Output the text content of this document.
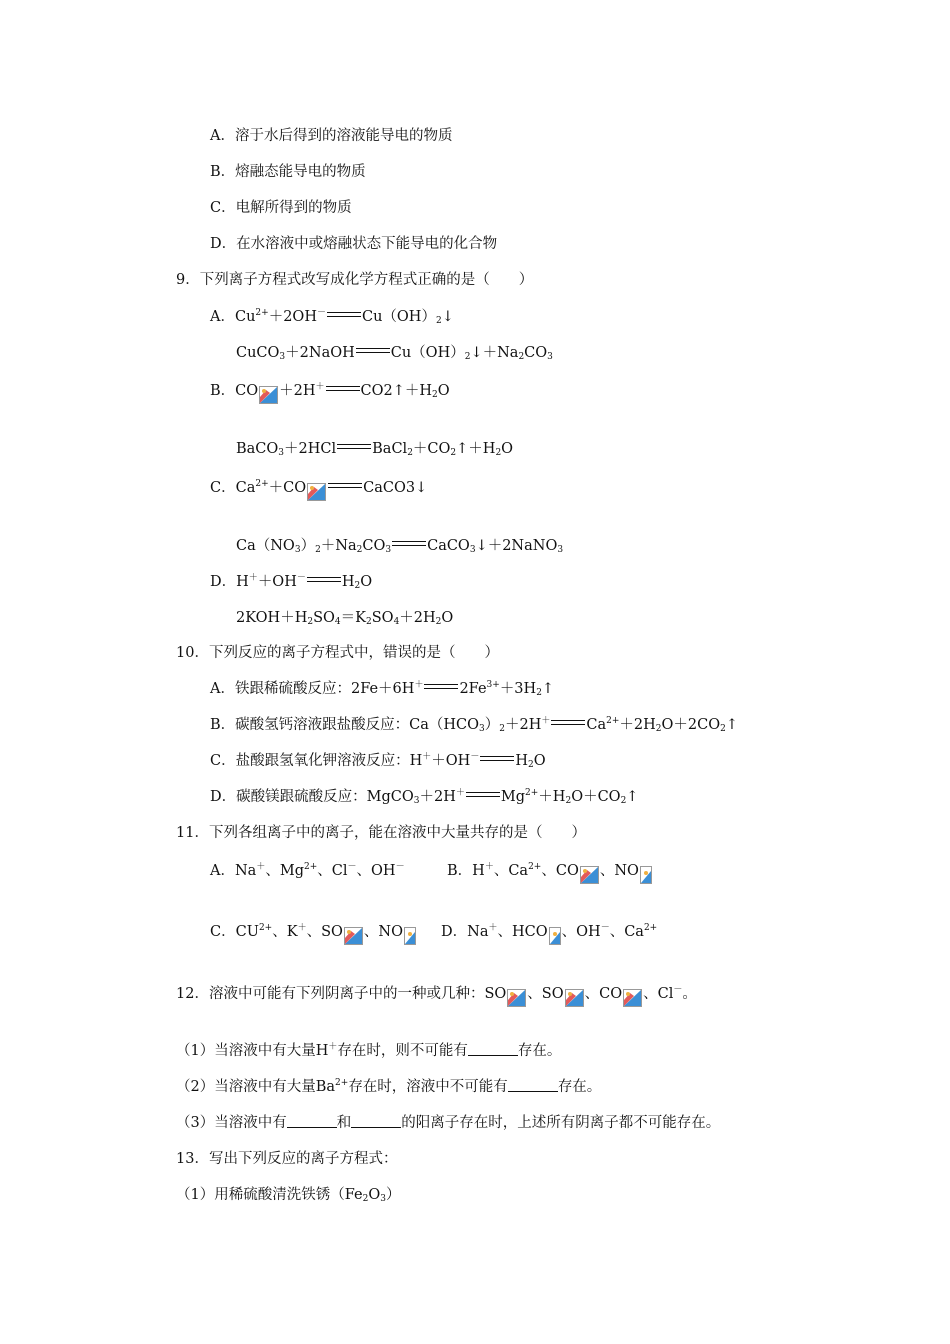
A．溶于水后得到的溶液能导电的物质
B．熔融态能导电的物质
C．电解所得到的物质
D．在水溶液中或熔融状态下能导电的化合物
9．下列离子方程式改写成化学方程式正确的是（　　）
A．$Cu^{2+}+2OH^-$ $Cu(OH)_2↓$
CuCO$_3$＋2NaOH $Cu(OH)_2↓+Na_2CO_3$
B．CO ＋2H＋ $CO2↑+H_2O$
BaCO$_3$＋2HCl $BaCl_2+CO_2↑+H_2O$
C．$Ca^{2+}+CO$	CaCO3↓
$Ca(NO_3)_2+Na_2CO_3$ CaCO$_3$↓＋2NaNO$_3$
D．H＋＋OH－ $H_2O$
$2KOH+H_2SO_4=K_2SO_4+2H_2O$
10．下列反应的离子方程式中，错误的是（　　）
A．铁跟稀硫酸反应：2Fe＋6H＋ $2Fe^{3+}+3H_2↑$
B．碳酸氢钙溶液跟盐酸反应：$Ca(HCO_3)_2+2H^+$ $Ca^{2+}+2H_2O+2CO_2↑$
C．盐酸跟氢氧化钾溶液反应：H＋＋OH－ $H_2O$
D．碳酸镁跟硫酸反应：MgCO$_3$＋2H＋ $Mg^{2+}+H_2O+CO_2↑$
11．下列各组离子中的离子，能在溶液中大量共存的是（　　）
A．Na＋、$Mg^{2+}$、Cl－、OH－	B．H＋、$Ca^{2+}$、CO 、NO
C．$CU^{2+}$、K＋、SO 、NO	D．Na＋、HCO 、OH－、$Ca^{2+}$
12．溶液中可能有下列阴离子中的一种或几种：SO 、SO 、CO 、Cl－。
（1）当溶液中有大量H＋存在时，则不可能有	存在。
（2）当溶液中有大量$Ba^{2+}$存在时，溶液中不可能有	存在。
（3）当溶液中有	和	的阳离子存在时，上述所有阴离子都不可能存在。
13．写出下列反应的离子方程式：
（1）用稀硫酸清洗铁锈$(Fe_2O_3)$
